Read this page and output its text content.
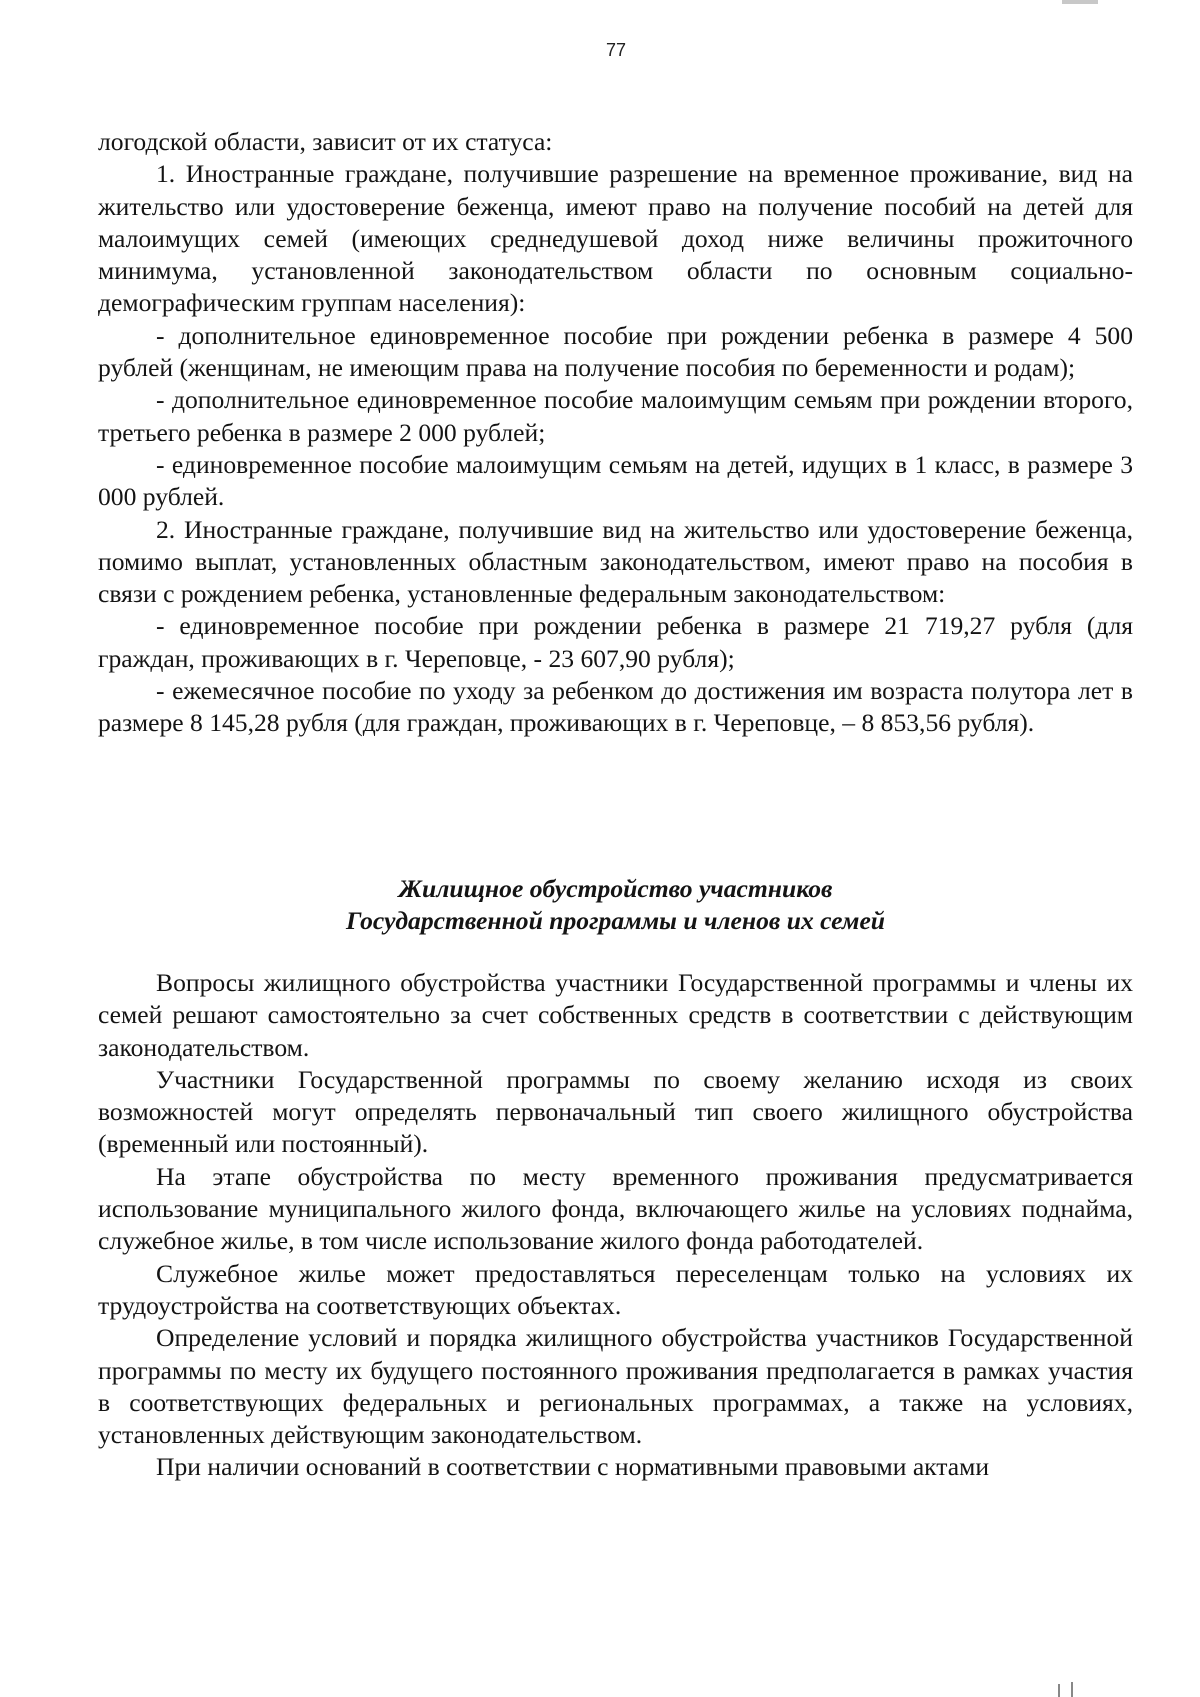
77

логодской области, зависит от их статуса:

1. Иностранные граждане, получившие разрешение на временное проживание, вид на жительство или удостоверение беженца, имеют право на получение пособий на детей для малоимущих семей (имеющих среднедушевой доход ниже величины прожиточного минимума, установленной законодательством области по основным социально-демографическим группам населения):

- дополнительное единовременное пособие при рождении ребенка в размере 4 500 рублей (женщинам, не имеющим права на получение пособия по беременности и родам);

- дополнительное единовременное пособие малоимущим семьям при рождении второго, третьего ребенка в размере 2 000 рублей;

- единовременное пособие малоимущим семьям на детей, идущих в 1 класс, в размере 3 000 рублей.

2. Иностранные граждане, получившие вид на жительство или удостоверение беженца, помимо выплат, установленных областным законодательством, имеют право на пособия в связи с рождением ребенка, установленные федеральным законодательством:

- единовременное пособие при рождении ребенка в размере 21 719,27 рубля (для граждан, проживающих в г. Череповце, - 23 607,90 рубля);

- ежемесячное пособие по уходу за ребенком до достижения им возраста полутора лет в размере 8 145,28 рубля (для граждан, проживающих в г. Череповце, – 8 853,56 рубля).

Жилищное обустройство участников
Государственной программы и членов их семей

Вопросы жилищного обустройства участники Государственной программы и члены их семей решают самостоятельно за счет собственных средств в соответствии с действующим законодательством.

Участники Государственной программы по своему желанию исходя из своих возможностей могут определять первоначальный тип своего жилищного обустройства (временный или постоянный).

На этапе обустройства по месту временного проживания предусматривается использование муниципального жилого фонда, включающего жилье на условиях поднайма, служебное жилье, в том числе использование жилого фонда работодателей.

Служебное жилье может предоставляться переселенцам только на условиях их трудоустройства на соответствующих объектах.

Определение условий и порядка жилищного обустройства участников Государственной программы по месту их будущего постоянного проживания предполагается в рамках участия в соответствующих федеральных и региональных программах, а также на условиях, установленных действующим законодательством.

При наличии оснований в соответствии с нормативными правовыми актами
